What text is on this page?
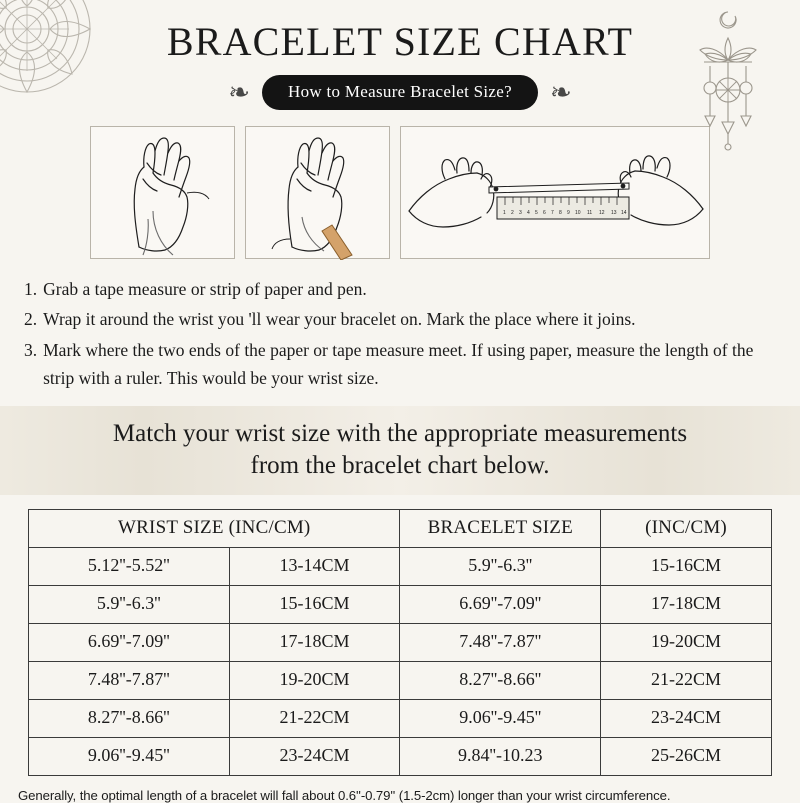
BRACELET SIZE CHART
❧	How to Measure Bracelet Size?	❧
1 2 3 4 5 6 7 8 9 10 11 12 13 14
1. Grab a tape measure or strip of paper and pen.
2. Wrap it around the wrist you 'll wear your bracelet on. Mark the place where it joins.
3. Mark where the two ends of the paper or tape measure meet. If using paper, measure the length of the strip with a ruler. This would be your wrist size.
Match your wrist size with the appropriate measurements
from the bracelet chart below.
WRIST SIZE (INC/CM)		BRACELET SIZE	(INC/CM)
5.12''-5.52''	13-14CM	5.9''-6.3''	15-16CM
5.9''-6.3''	15-16CM	6.69''-7.09''	17-18CM
6.69''-7.09''	17-18CM	7.48''-7.87''	19-20CM
7.48''-7.87''	19-20CM	8.27''-8.66''	21-22CM
8.27''-8.66''	21-22CM	9.06''-9.45''	23-24CM
9.06''-9.45''	23-24CM	9.84''-10.23	25-26CM
Generally, the optimal length of a bracelet will fall about 0.6''-0.79'' (1.5-2cm) longer than your wrist circumference.
